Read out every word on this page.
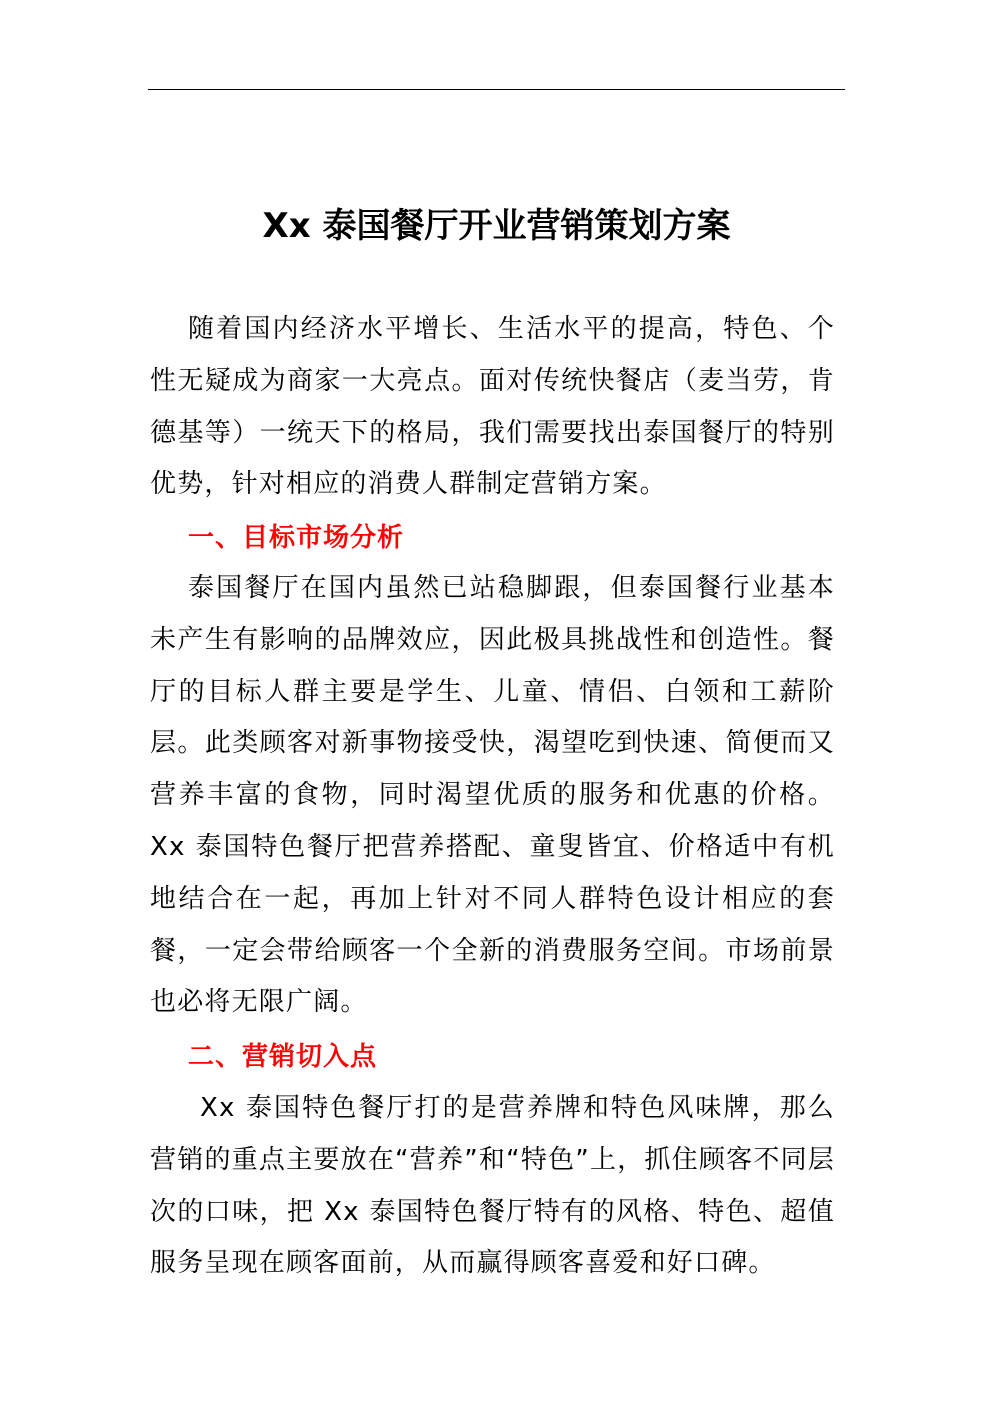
Xx 泰国餐厅开业营销策划方案

随着国内经济水平增长、生活水平的提高，特色、个性无疑成为商家一大亮点。面对传统快餐店（麦当劳，肯德基等）一统天下的格局，我们需要找出泰国餐厅的特别优势，针对相应的消费人群制定营销方案。

一、目标市场分析

泰国餐厅在国内虽然已站稳脚跟，但泰国餐行业基本未产生有影响的品牌效应，因此极具挑战性和创造性。餐厅的目标人群主要是学生、儿童、情侣、白领和工薪阶层。此类顾客对新事物接受快，渴望吃到快速、简便而又营养丰富的食物，同时渴望优质的服务和优惠的价格。Xx 泰国特色餐厅把营养搭配、童叟皆宜、价格适中有机地结合在一起，再加上针对不同人群特色设计相应的套餐，一定会带给顾客一个全新的消费服务空间。市场前景也必将无限广阔。

二、营销切入点

Xx 泰国特色餐厅打的是营养牌和特色风味牌，那么营销的重点主要放在“营养”和“特色”上，抓住顾客不同层次的口味，把 Xx 泰国特色餐厅特有的风格、特色、超值服务呈现在顾客面前，从而赢得顾客喜爱和好口碑。
